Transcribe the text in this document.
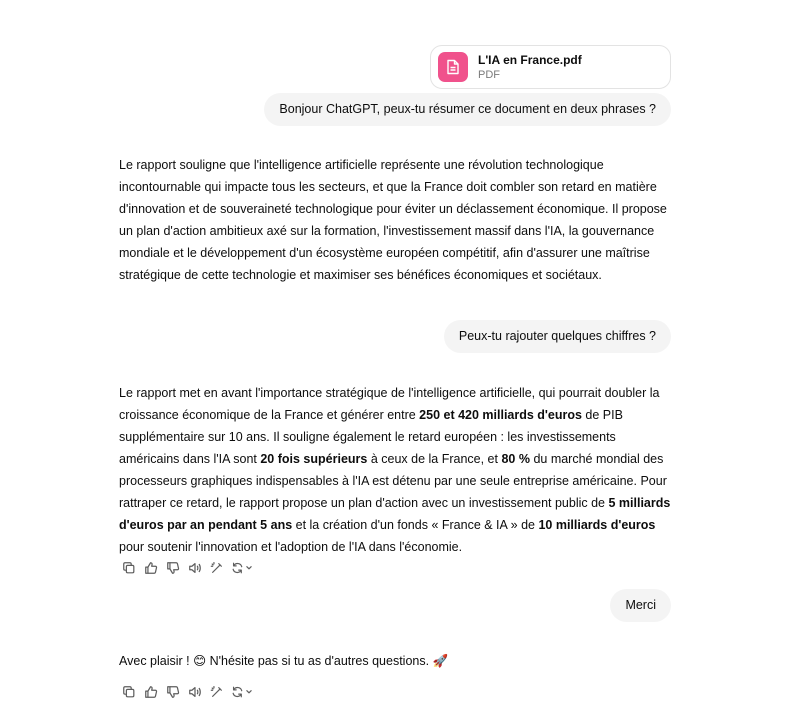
L'IA en France.pdf
PDF
Bonjour ChatGPT, peux-tu résumer ce document en deux phrases ?
Le rapport souligne que l'intelligence artificielle représente une révolution technologique incontournable qui impacte tous les secteurs, et que la France doit combler son retard en matière d'innovation et de souveraineté technologique pour éviter un déclassement économique. Il propose un plan d'action ambitieux axé sur la formation, l'investissement massif dans l'IA, la gouvernance mondiale et le développement d'un écosystème européen compétitif, afin d'assurer une maîtrise stratégique de cette technologie et maximiser ses bénéfices économiques et sociétaux.
Peux-tu rajouter quelques chiffres ?
Le rapport met en avant l'importance stratégique de l'intelligence artificielle, qui pourrait doubler la croissance économique de la France et générer entre 250 et 420 milliards d'euros de PIB supplémentaire sur 10 ans. Il souligne également le retard européen : les investissements américains dans l'IA sont 20 fois supérieurs à ceux de la France, et 80 % du marché mondial des processeurs graphiques indispensables à l'IA est détenu par une seule entreprise américaine. Pour rattraper ce retard, le rapport propose un plan d'action avec un investissement public de 5 milliards d'euros par an pendant 5 ans et la création d'un fonds « France & IA » de 10 milliards d'euros pour soutenir l'innovation et l'adoption de l'IA dans l'économie.
Merci
Avec plaisir ! 😊 N'hésite pas si tu as d'autres questions. 🚀
